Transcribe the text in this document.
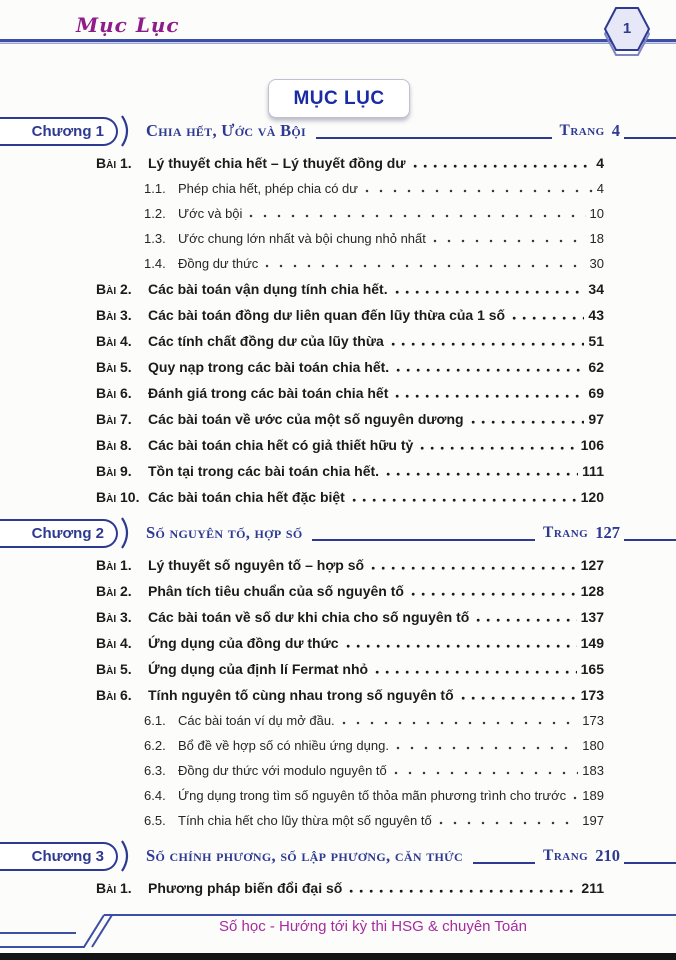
Mục Lục	1
MỤC LỤC
Chương 1	Chia hết, Ước và Bội	Trang 4
Bài 1.	Lý thuyết chia hết – Lý thuyết đồng dư	4
1.1. Phép chia hết, phép chia có dư	4
1.2. Ước và bội	10
1.3. Ước chung lớn nhất và bội chung nhỏ nhất	18
1.4. Đồng dư thức	30
Bài 2.	Các bài toán vận dụng tính chia hết.	34
Bài 3.	Các bài toán đồng dư liên quan đến lũy thừa của 1 số	43
Bài 4.	Các tính chất đồng dư của lũy thừa	51
Bài 5.	Quy nạp trong các bài toán chia hết.	62
Bài 6.	Đánh giá trong các bài toán chia hết	69
Bài 7.	Các bài toán về ước của một số nguyên dương	97
Bài 8.	Các bài toán chia hết có giả thiết hữu tỷ	106
Bài 9.	Tồn tại trong các bài toán chia hết.	111
Bài 10. Các bài toán chia hết đặc biệt	120
Chương 2	Số nguyên tố, hợp số	Trang 127
Bài 1.	Lý thuyết số nguyên tố – hợp số	127
Bài 2.	Phân tích tiêu chuẩn của số nguyên tố	128
Bài 3.	Các bài toán về số dư khi chia cho số nguyên tố	137
Bài 4.	Ứng dụng của đồng dư thức	149
Bài 5.	Ứng dụng của định lí Fermat nhỏ	165
Bài 6.	Tính nguyên tố cùng nhau trong số nguyên tố	173
6.1. Các bài toán ví dụ mở đầu.	173
6.2. Bổ đề về hợp số có nhiều ứng dụng.	180
6.3. Đồng dư thức với modulo nguyên tố	183
6.4. Ứng dụng trong tìm số nguyên tố thỏa mãn phương trình cho trước 189
6.5. Tính chia hết cho lũy thừa một số nguyên tố	197
Chương 3	Số chính phương, số lập phương, căn thức	Trang 210
Bài 1.	Phương pháp biến đổi đại số	211
Số học - Hướng tới kỳ thi HSG & chuyên Toán
